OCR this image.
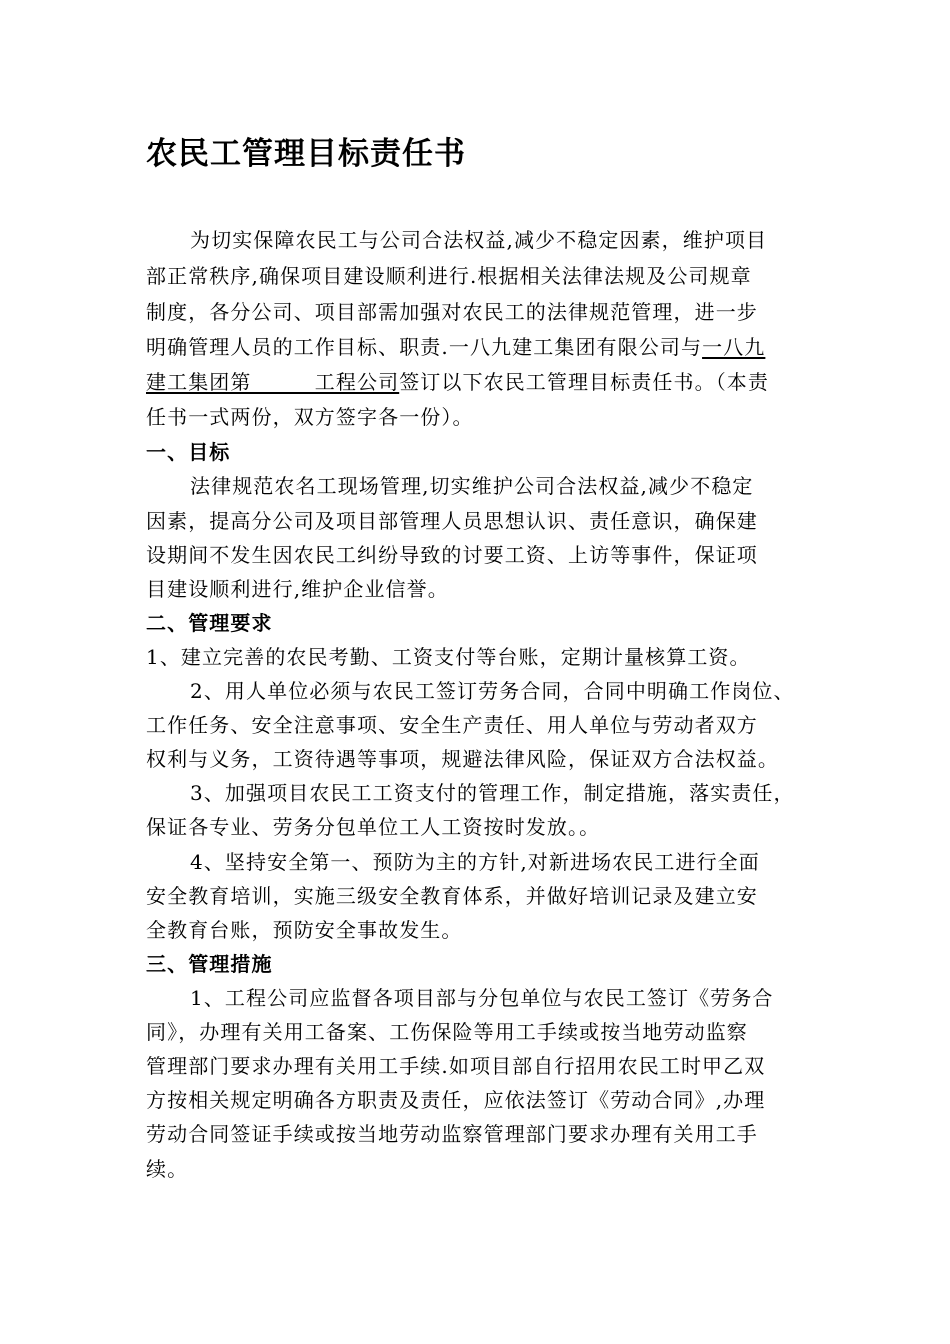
农民工管理目标责任书
为切实保障农民工与公司合法权益,减少不稳定因素，维护项目
部正常秩序,确保项目建设顺利进行.根据相关法律法规及公司规章
制度，各分公司、项目部需加强对农民工的法律规范管理，进一步
明确管理人员的工作目标、职责.一八九建工集团有限公司与一八九
建工集团第　　　工程公司签订以下农民工管理目标责任书。（本责
任书一式两份，双方签字各一份）。
一、目标
法律规范农名工现场管理,切实维护公司合法权益,减少不稳定
因素，提高分公司及项目部管理人员思想认识、责任意识，确保建
设期间不发生因农民工纠纷导致的讨要工资、上访等事件，保证项
目建设顺利进行,维护企业信誉。
二、管理要求
1、建立完善的农民考勤、工资支付等台账，定期计量核算工资。
2、用人单位必须与农民工签订劳务合同，合同中明确工作岗位、
工作任务、安全注意事项、安全生产责任、用人单位与劳动者双方
权利与义务，工资待遇等事项，规避法律风险，保证双方合法权益。
3、加强项目农民工工资支付的管理工作，制定措施，落实责任，
保证各专业、劳务分包单位工人工资按时发放。。
4、坚持安全第一、预防为主的方针,对新进场农民工进行全面
安全教育培训，实施三级安全教育体系，并做好培训记录及建立安
全教育台账，预防安全事故发生。
三、管理措施
1、工程公司应监督各项目部与分包单位与农民工签订《劳务合
同》，办理有关用工备案、工伤保险等用工手续或按当地劳动监察
管理部门要求办理有关用工手续.如项目部自行招用农民工时甲乙双
方按相关规定明确各方职责及责任，应依法签订《劳动合同》,办理
劳动合同签证手续或按当地劳动监察管理部门要求办理有关用工手
续。
